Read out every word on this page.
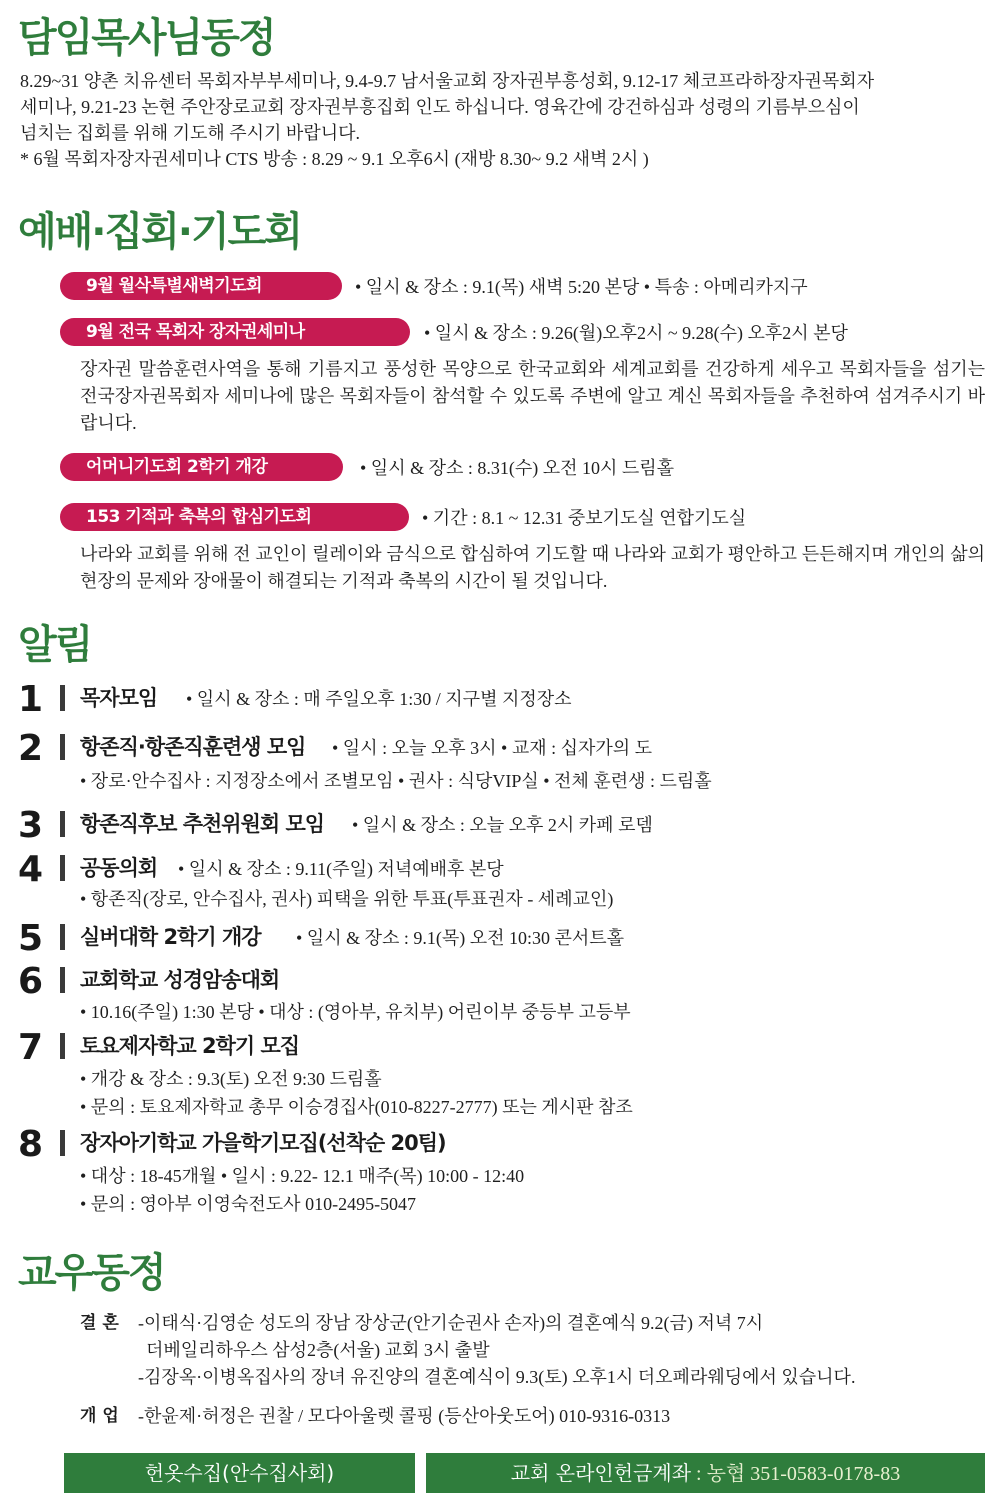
담임목사님동정
8.29~31 양촌 치유센터 목회자부부세미나, 9.4-9.7 남서울교회 장자권부흥성회, 9.12-17 체코프라하장자권목회자
세미나, 9.21-23 논현 주안장로교회 장자권부흥집회 인도 하십니다. 영육간에 강건하심과 성령의 기름부으심이
넘치는 집회를 위해 기도해 주시기 바랍니다.
* 6월 목회자장자권세미나 CTS 방송 : 8.29 ~ 9.1 오후6시 (재방 8.30~ 9.2 새벽 2시 )
예배·집회·기도회
9월 월삭특별새벽기도회	• 일시 & 장소 : 9.1(목) 새벽 5:20 본당 • 특송 : 아메리카지구
9월 전국 목회자 장자권세미나	• 일시 & 장소 : 9.26(월)오후2시 ~ 9.28(수) 오후2시 본당
장자권 말씀훈련사역을 통해 기름지고 풍성한 목양으로 한국교회와 세계교회를 건강하게 세우고 목회자들을 섬기는 전국장자권목회자 세미나에 많은 목회자들이 참석할 수 있도록 주변에 알고 계신 목회자들을 추천하여 섬겨주시기 바랍니다.
어머니기도회 2학기 개강	• 일시 & 장소 : 8.31(수) 오전 10시 드림홀
153 기적과 축복의 합심기도회	• 기간 : 8.1 ~ 12.31 중보기도실 연합기도실
나라와 교회를 위해 전 교인이 릴레이와 금식으로 합심하여 기도할 때 나라와 교회가 평안하고 든든해지며 개인의 삶의 현장의 문제와 장애물이 해결되는 기적과 축복의 시간이 될 것입니다.
알림
1 목자모임 • 일시 & 장소 : 매 주일오후 1:30 / 지구별 지정장소
2 항존직·항존직훈련생 모임 • 일시 : 오늘 오후 3시 • 교재 : 십자가의 도
• 장로·안수집사 : 지정장소에서 조별모임 • 권사 : 식당VIP실 • 전체 훈련생 : 드림홀
3 항존직후보 추천위원회 모임 • 일시 & 장소 : 오늘 오후 2시 카페 로뎀
4 공동의회 • 일시 & 장소 : 9.11(주일) 저녁예배후 본당
• 항존직(장로, 안수집사, 권사) 피택을 위한 투표(투표권자 - 세례교인)
5 실버대학 2학기 개강 • 일시 & 장소 : 9.1(목) 오전 10:30 콘서트홀
6 교회학교 성경암송대회
• 10.16(주일) 1:30 본당 • 대상 : (영아부, 유치부) 어린이부 중등부 고등부
7 토요제자학교 2학기 모집
• 개강 & 장소 : 9.3(토) 오전 9:30 드림홀
• 문의 : 토요제자학교 총무 이승경집사(010-8227-2777) 또는 게시판 참조
8 장자아기학교 가을학기모집(선착순 20팀)
• 대상 : 18-45개월 • 일시 : 9.22- 12.1 매주(목) 10:00 - 12:40
• 문의 : 영아부 이영숙전도사 010-2495-5047
교우동정
결 혼 -이태식·김영순 성도의 장남 장상군(안기순권사 손자)의 결혼예식 9.2(금) 저녁 7시
더베일리하우스 삼성2층(서울) 교회 3시 출발
-김장옥·이병옥집사의 장녀 유진양의 결혼예식이 9.3(토) 오후1시 더오페라웨딩에서 있습니다.
개 업 -한윤제·허정은 권찰 / 모다아울렛 콜핑 (등산아웃도어) 010-9316-0313
헌옷수집(안수집사회)	교회 온라인헌금계좌 : 농협 351-0583-0178-83
